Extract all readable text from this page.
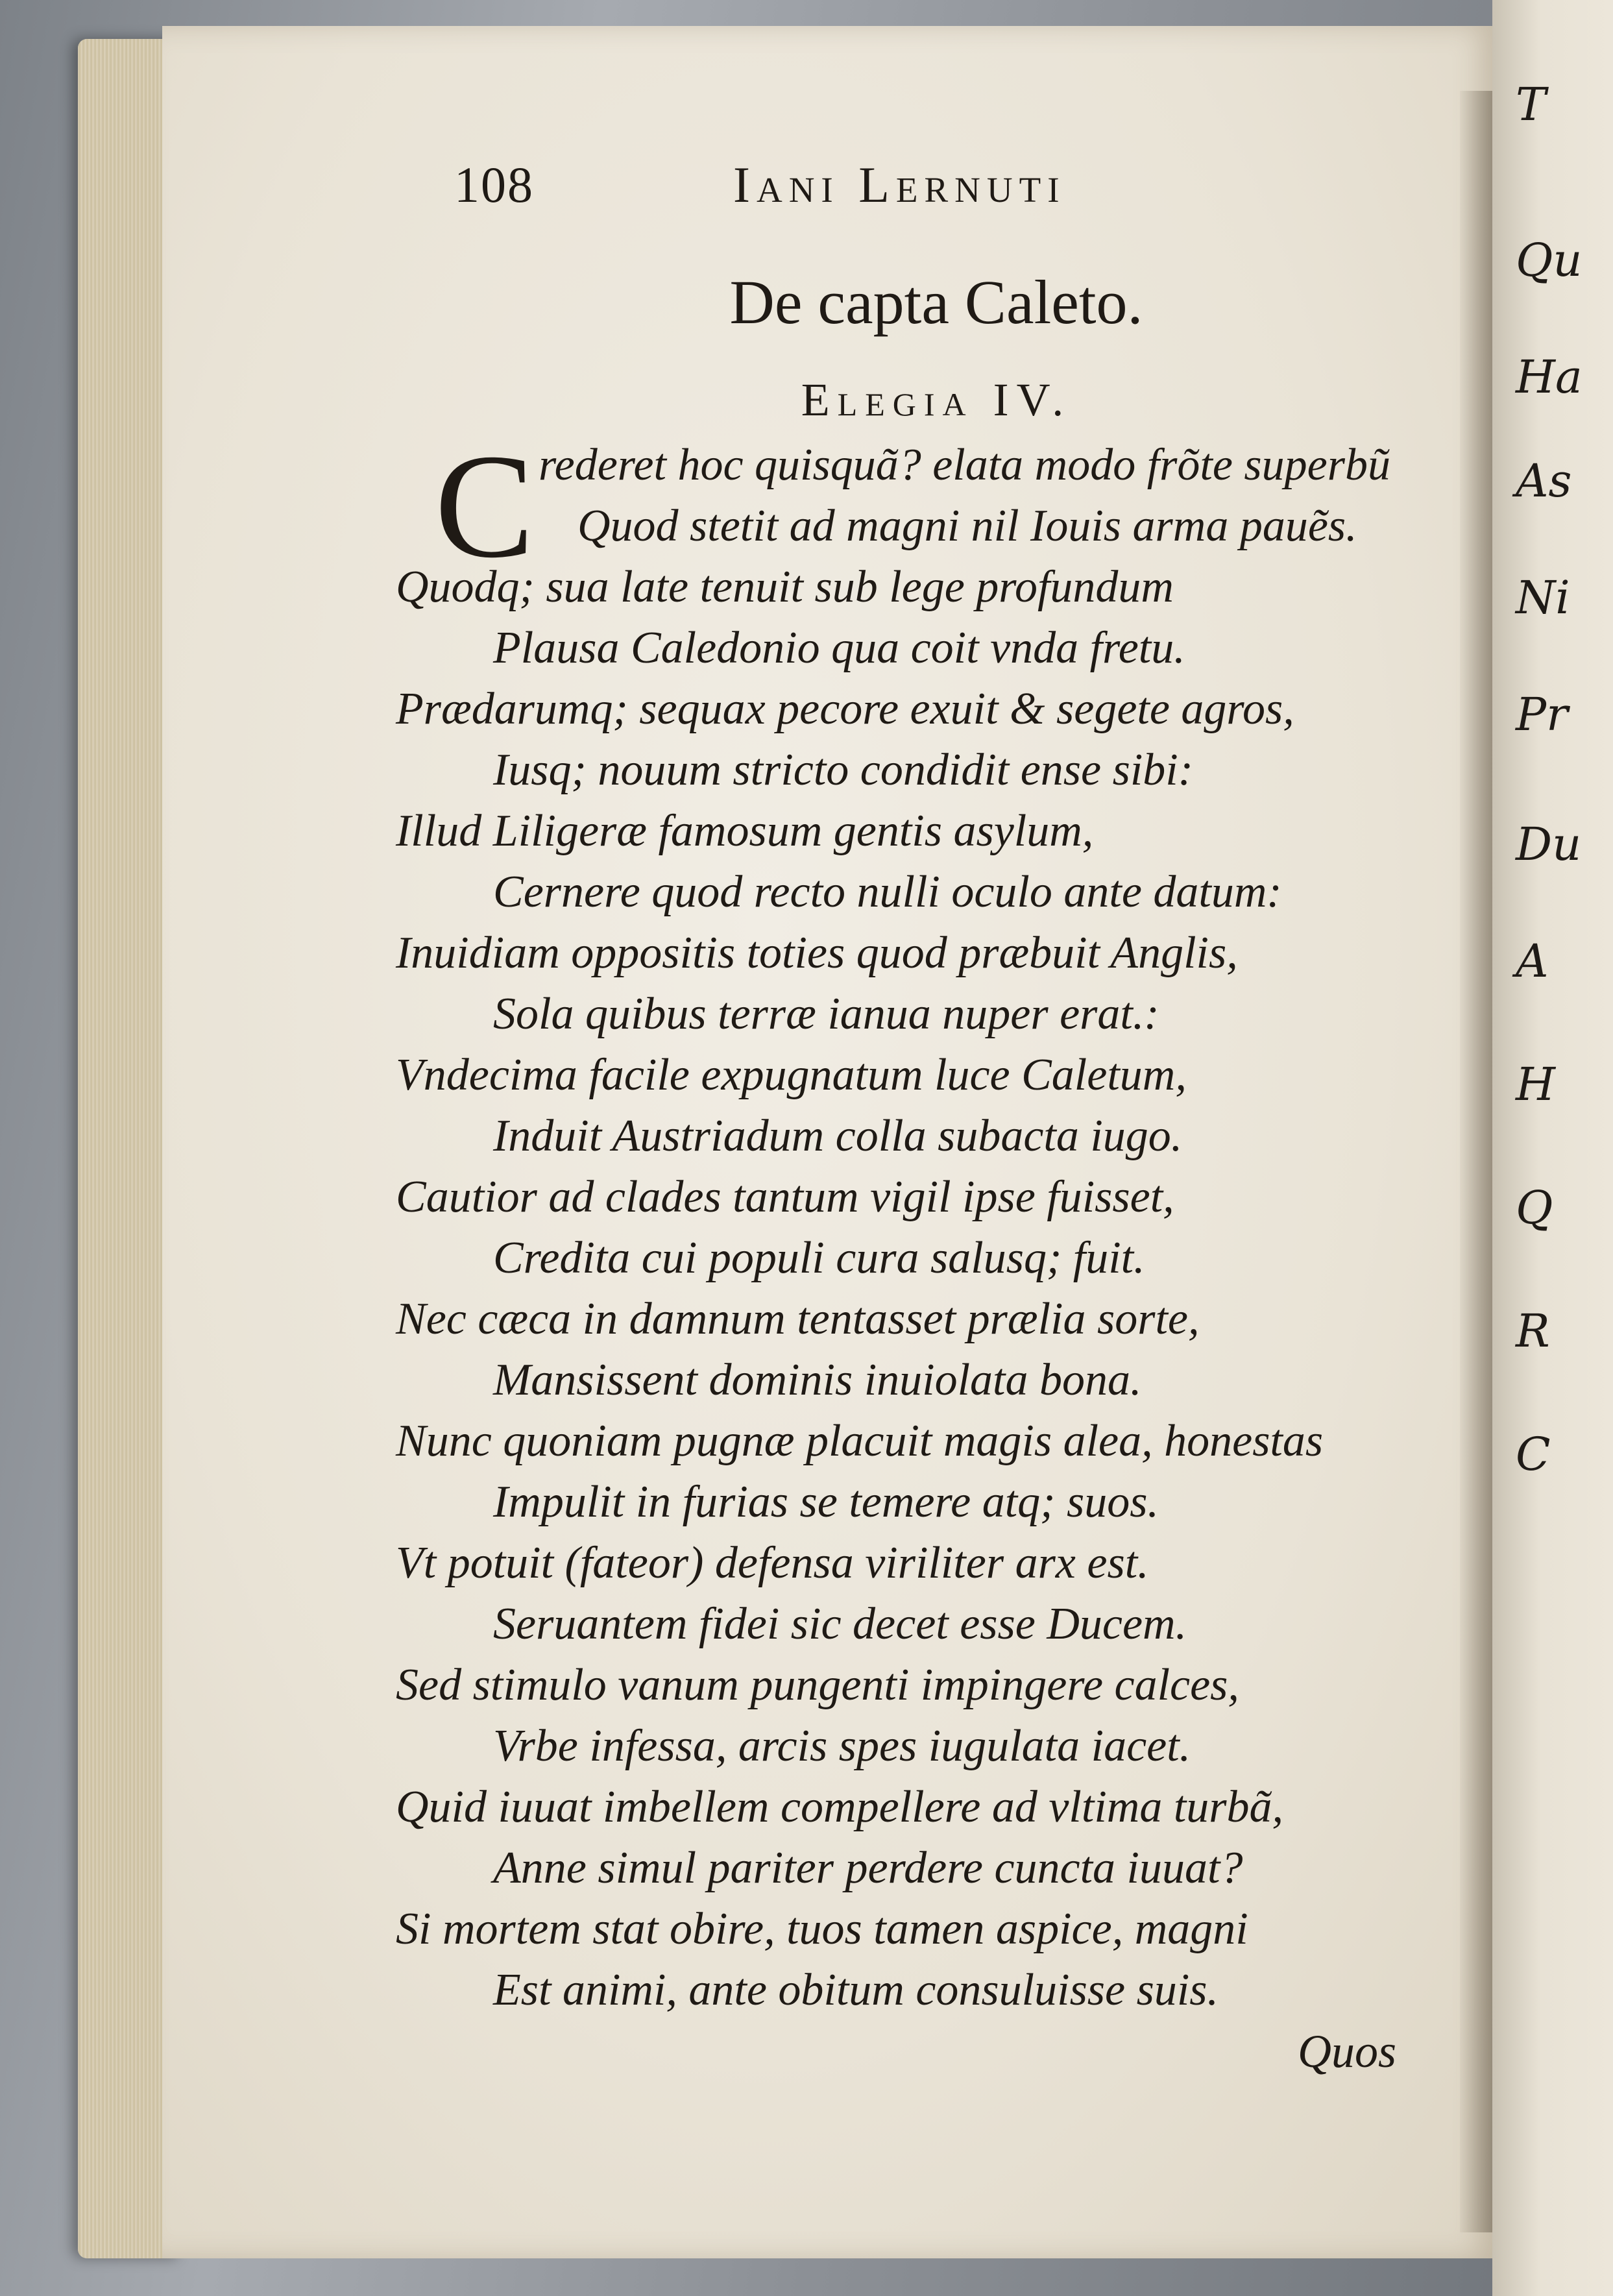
T
Qu
Ha
As
Ni
Pr
Du
A
H
Q
R
C
108	Iani Lernuti
De capta Caleto.
Elegia IV.
C rederet hoc quisquã? elata modo frõte superbũ
Quod stetit ad magni nil Iouis arma pauẽs.
Quodq; sua late tenuit sub lege profundum
Plausa Caledonio qua coit vnda fretu.
Prædarumq; sequax pecore exuit & segete agros,
Iusq; nouum stricto condidit ense sibi:
Illud Liligeræ famosum gentis asylum,
Cernere quod recto nulli oculo ante datum:
Inuidiam oppositis toties quod præbuit Anglis,
Sola quibus terræ ianua nuper erat.:
Vndecima facile expugnatum luce Caletum,
Induit Austriadum colla subacta iugo.
Cautior ad clades tantum vigil ipse fuisset,
Credita cui populi cura salusq; fuit.
Nec cæca in damnum tentasset prælia sorte,
Mansissent dominis inuiolata bona.
Nunc quoniam pugnæ placuit magis alea, honestas
Impulit in furias se temere atq; suos.
Vt potuit (fateor) defensa viriliter arx est.
Seruantem fidei sic decet esse Ducem.
Sed stimulo vanum pungenti impingere calces,
Vrbe infessa, arcis spes iugulata iacet.
Quid iuuat imbellem compellere ad vltima turbã,
Anne simul pariter perdere cuncta iuuat?
Si mortem stat obire, tuos tamen aspice, magni
Est animi, ante obitum consuluisse suis.
Quos
